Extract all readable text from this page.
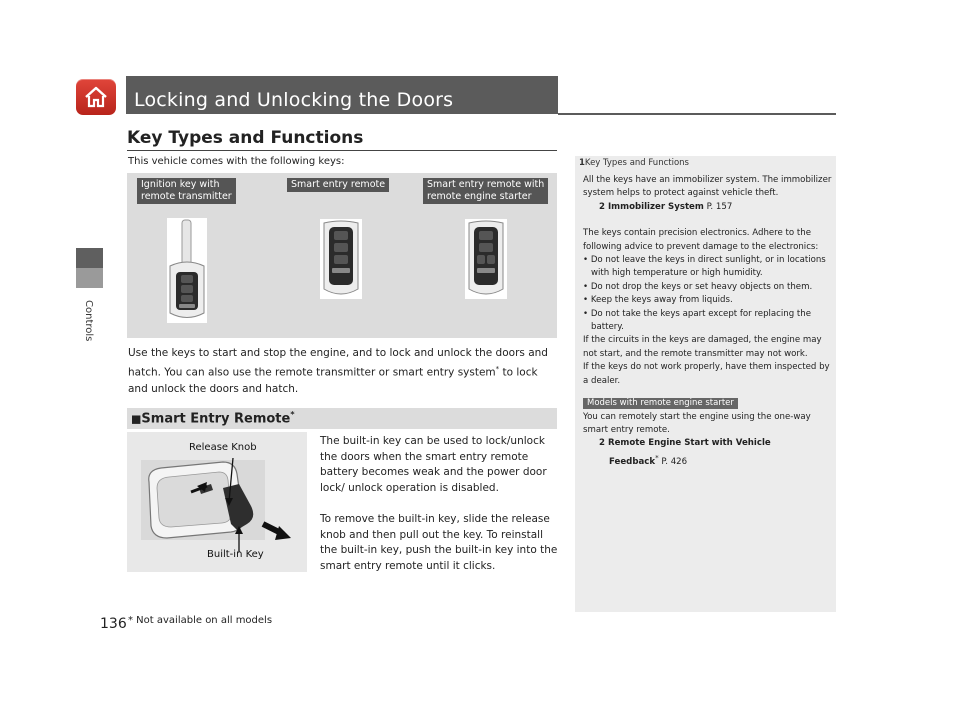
Locking and Unlocking the Doors
Controls
Key Types and Functions
This vehicle comes with the following keys:
Ignition key with
remote transmitter
Smart entry remote	Smart entry remote with
remote engine starter
Use the keys to start and stop the engine, and to lock and unlock the doors and hatch. You can also use the remote transmitter or smart entry system* to lock and unlock the doors and hatch.
■Smart Entry Remote*
Release Knob
Built-in Key

The built-in key can be used to lock/unlock the doors when the smart entry remote battery becomes weak and the power door lock/ unlock operation is disabled.

To remove the built-in key, slide the release knob and then pull out the key. To reinstall the built-in key, push the built-in key into the smart entry remote until it clicks.

1Key Types and Functions

All the keys have an immobilizer system. The immobilizer system helps to protect against vehicle theft.

2 Immobilizer System P. 157

The keys contain precision electronics. Adhere to the following advice to prevent damage to the electronics:

• Do not leave the keys in direct sunlight, or in locations with high temperature or high humidity.

• Do not drop the keys or set heavy objects on them.

• Keep the keys away from liquids.

• Do not take the keys apart except for replacing the battery.

If the circuits in the keys are damaged, the engine may not start, and the remote transmitter may not work.

If the keys do not work properly, have them inspected by a dealer.

Models with remote engine starter

You can remotely start the engine using the one-way smart entry remote.

2 Remote Engine Start with Vehicle

Feedback* P. 426

136 * Not available on all models
